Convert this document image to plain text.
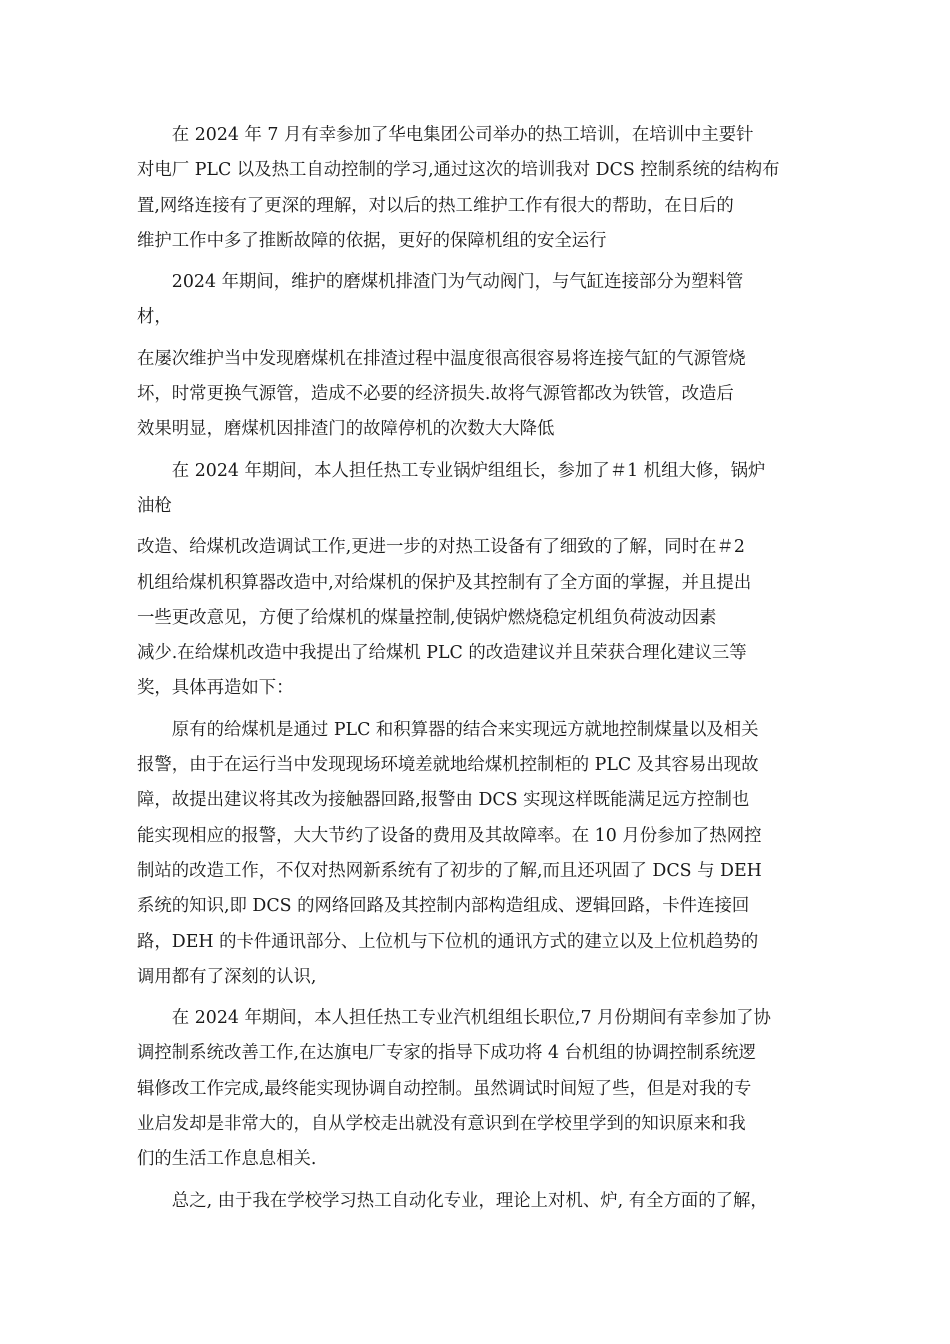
在 2024 年 7 月有幸参加了华电集团公司举办的热工培训，在培训中主要针
对电厂 PLC 以及热工自动控制的学习,通过这次的培训我对 DCS 控制系统的结构布
置,网络连接有了更深的理解，对以后的热工维护工作有很大的帮助，在日后的
维护工作中多了推断故障的依据，更好的保障机组的安全运行

2024 年期间，维护的磨煤机排渣门为气动阀门，与气缸连接部分为塑料管
材，

在屡次维护当中发现磨煤机在排渣过程中温度很高很容易将连接气缸的气源管烧
坏，时常更换气源管，造成不必要的经济损失.故将气源管都改为铁管，改造后
效果明显，磨煤机因排渣门的故障停机的次数大大降低

在 2024 年期间，本人担任热工专业锅炉组组长，参加了＃1 机组大修，锅炉
油枪

改造、给煤机改造调试工作,更进一步的对热工设备有了细致的了解，同时在＃2
机组给煤机积算器改造中,对给煤机的保护及其控制有了全方面的掌握，并且提出
一些更改意见，方便了给煤机的煤量控制,使锅炉燃烧稳定机组负荷波动因素
减少.在给煤机改造中我提出了给煤机 PLC 的改造建议并且荣获合理化建议三等
奖，具体再造如下：

原有的给煤机是通过 PLC 和积算器的结合来实现远方就地控制煤量以及相关
报警，由于在运行当中发现现场环境差就地给煤机控制柜的 PLC 及其容易出现故
障，故提出建议将其改为接触器回路,报警由 DCS 实现这样既能满足远方控制也
能实现相应的报警，大大节约了设备的费用及其故障率。在 10 月份参加了热网控
制站的改造工作，不仅对热网新系统有了初步的了解,而且还巩固了 DCS 与 DEH
系统的知识,即 DCS 的网络回路及其控制内部构造组成、逻辑回路，卡件连接回
路，DEH 的卡件通讯部分、上位机与下位机的通讯方式的建立以及上位机趋势的
调用都有了深刻的认识,

在 2024 年期间，本人担任热工专业汽机组组长职位,7 月份期间有幸参加了协
调控制系统改善工作,在达旗电厂专家的指导下成功将 4 台机组的协调控制系统逻
辑修改工作完成,最终能实现协调自动控制。虽然调试时间短了些，但是对我的专
业启发却是非常大的，自从学校走出就没有意识到在学校里学到的知识原来和我
们的生活工作息息相关.

总之, 由于我在学校学习热工自动化专业，理论上对机、炉, 有全方面的了解，
